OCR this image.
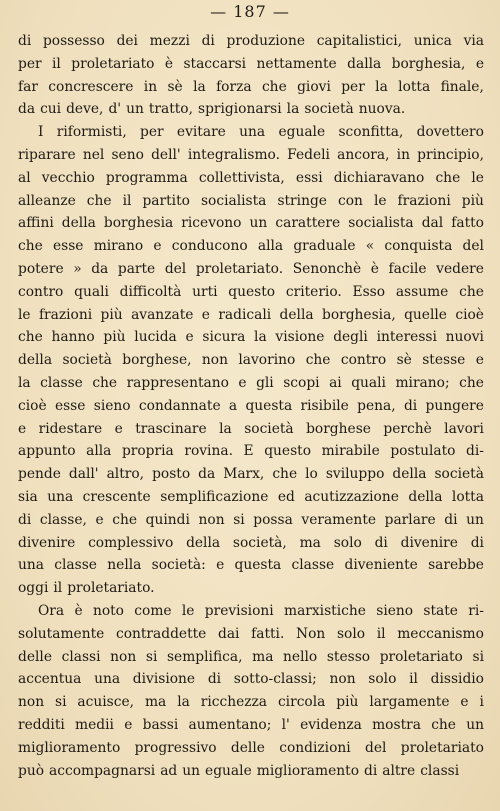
— 187 —
di possesso dei mezzi di produzione capitalistici, unica via
per il proletariato è staccarsi nettamente dalla borghesia, e
far concrescere in sè la forza che giovi per la lotta finale,
da cui deve, d' un tratto, sprigionarsi la società nuova.
I riformisti, per evitare una eguale sconfitta, dovettero
riparare nel seno dell' integralismo. Fedeli ancora, in principio,
al vecchio programma collettivista, essi dichiaravano che le
alleanze che il partito socialista stringe con le frazioni più
affini della borghesia ricevono un carattere socialista dal fatto
che esse mirano e conducono alla graduale « conquista del
potere » da parte del proletariato. Senonchè è facile vedere
contro quali difficoltà urti questo criterio. Esso assume che
le frazioni più avanzate e radicali della borghesia, quelle cioè
che hanno più lucida e sicura la visione degli interessi nuovi
della società borghese, non lavorino che contro sè stesse e
la classe che rappresentano e gli scopi ai quali mirano; che
cioè esse sieno condannate a questa risibile pena, di pungere
e ridestare e trascinare la società borghese perchè lavori
appunto alla propria rovina. E questo mirabile postulato di-
pende dall' altro, posto da Marx, che lo sviluppo della società
sia una crescente semplificazione ed acutizzazione della lotta
di classe, e che quindi non si possa veramente parlare di un
divenire complessivo della società, ma solo di divenire di
una classe nella società: e questa classe diveniente sarebbe
oggi il proletariato.
Ora è noto come le previsioni marxistiche sieno state ri-
solutamente contraddette dai fatti. Non solo il meccanismo
delle classi non si semplifica, ma nello stesso proletariato si
accentua una divisione di sotto-classi; non solo il dissidio
non si acuisce, ma la ricchezza circola più largamente e i
redditi medii e bassi aumentano; l' evidenza mostra che un
miglioramento progressivo delle condizioni del proletariato
può accompagnarsi ad un eguale miglioramento di altre classi
